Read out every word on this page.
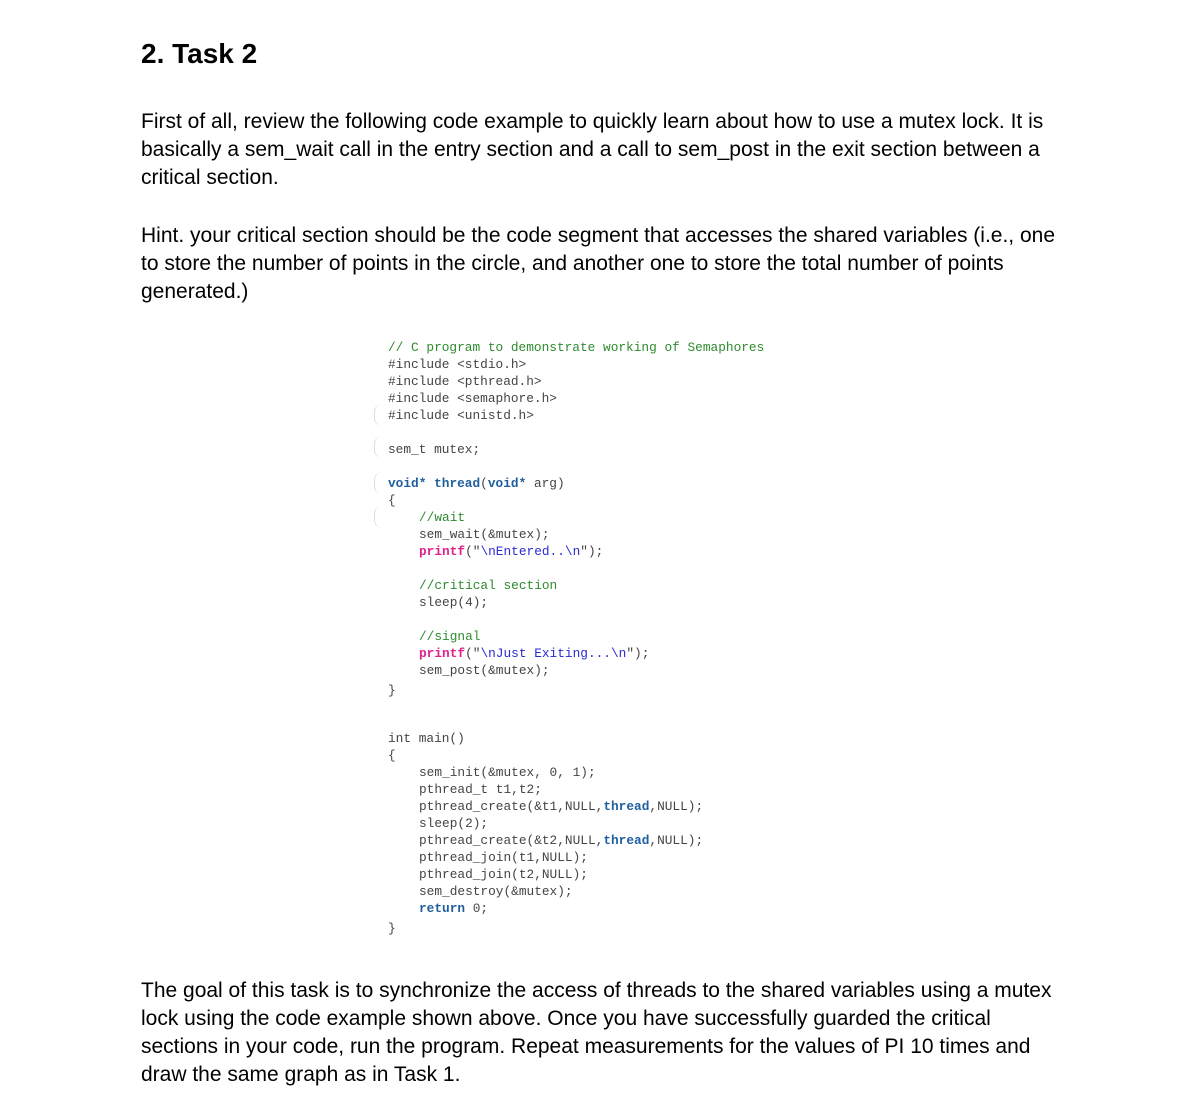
2. Task 2

First of all, review the following code example to quickly learn about how to use a mutex lock. It is basically a sem_wait call in the entry section and a call to sem_post in the exit section between a critical section.

Hint. your critical section should be the code segment that accesses the shared variables (i.e., one to store the number of points in the circle, and another one to store the total number of points generated.)

// C program to demonstrate working of Semaphores
#include <stdio.h>
#include <pthread.h>
#include <semaphore.h>
#include <unistd.h>
sem_t mutex;
void* thread(void* arg)
{
//wait
sem_wait(&mutex);
printf("\nEntered..\n");
//critical section
sleep(4);
//signal
printf("\nJust Exiting...\n");
sem_post(&mutex);
}
int main()
{
sem_init(&mutex, 0, 1);
pthread_t t1,t2;
pthread_create(&t1,NULL,thread,NULL);
sleep(2);
pthread_create(&t2,NULL,thread,NULL);
pthread_join(t1,NULL);
pthread_join(t2,NULL);
sem_destroy(&mutex);
return 0;
}

The goal of this task is to synchronize the access of threads to the shared variables using a mutex lock using the code example shown above. Once you have successfully guarded the critical sections in your code, run the program. Repeat measurements for the values of PI 10 times and draw the same graph as in Task 1.
